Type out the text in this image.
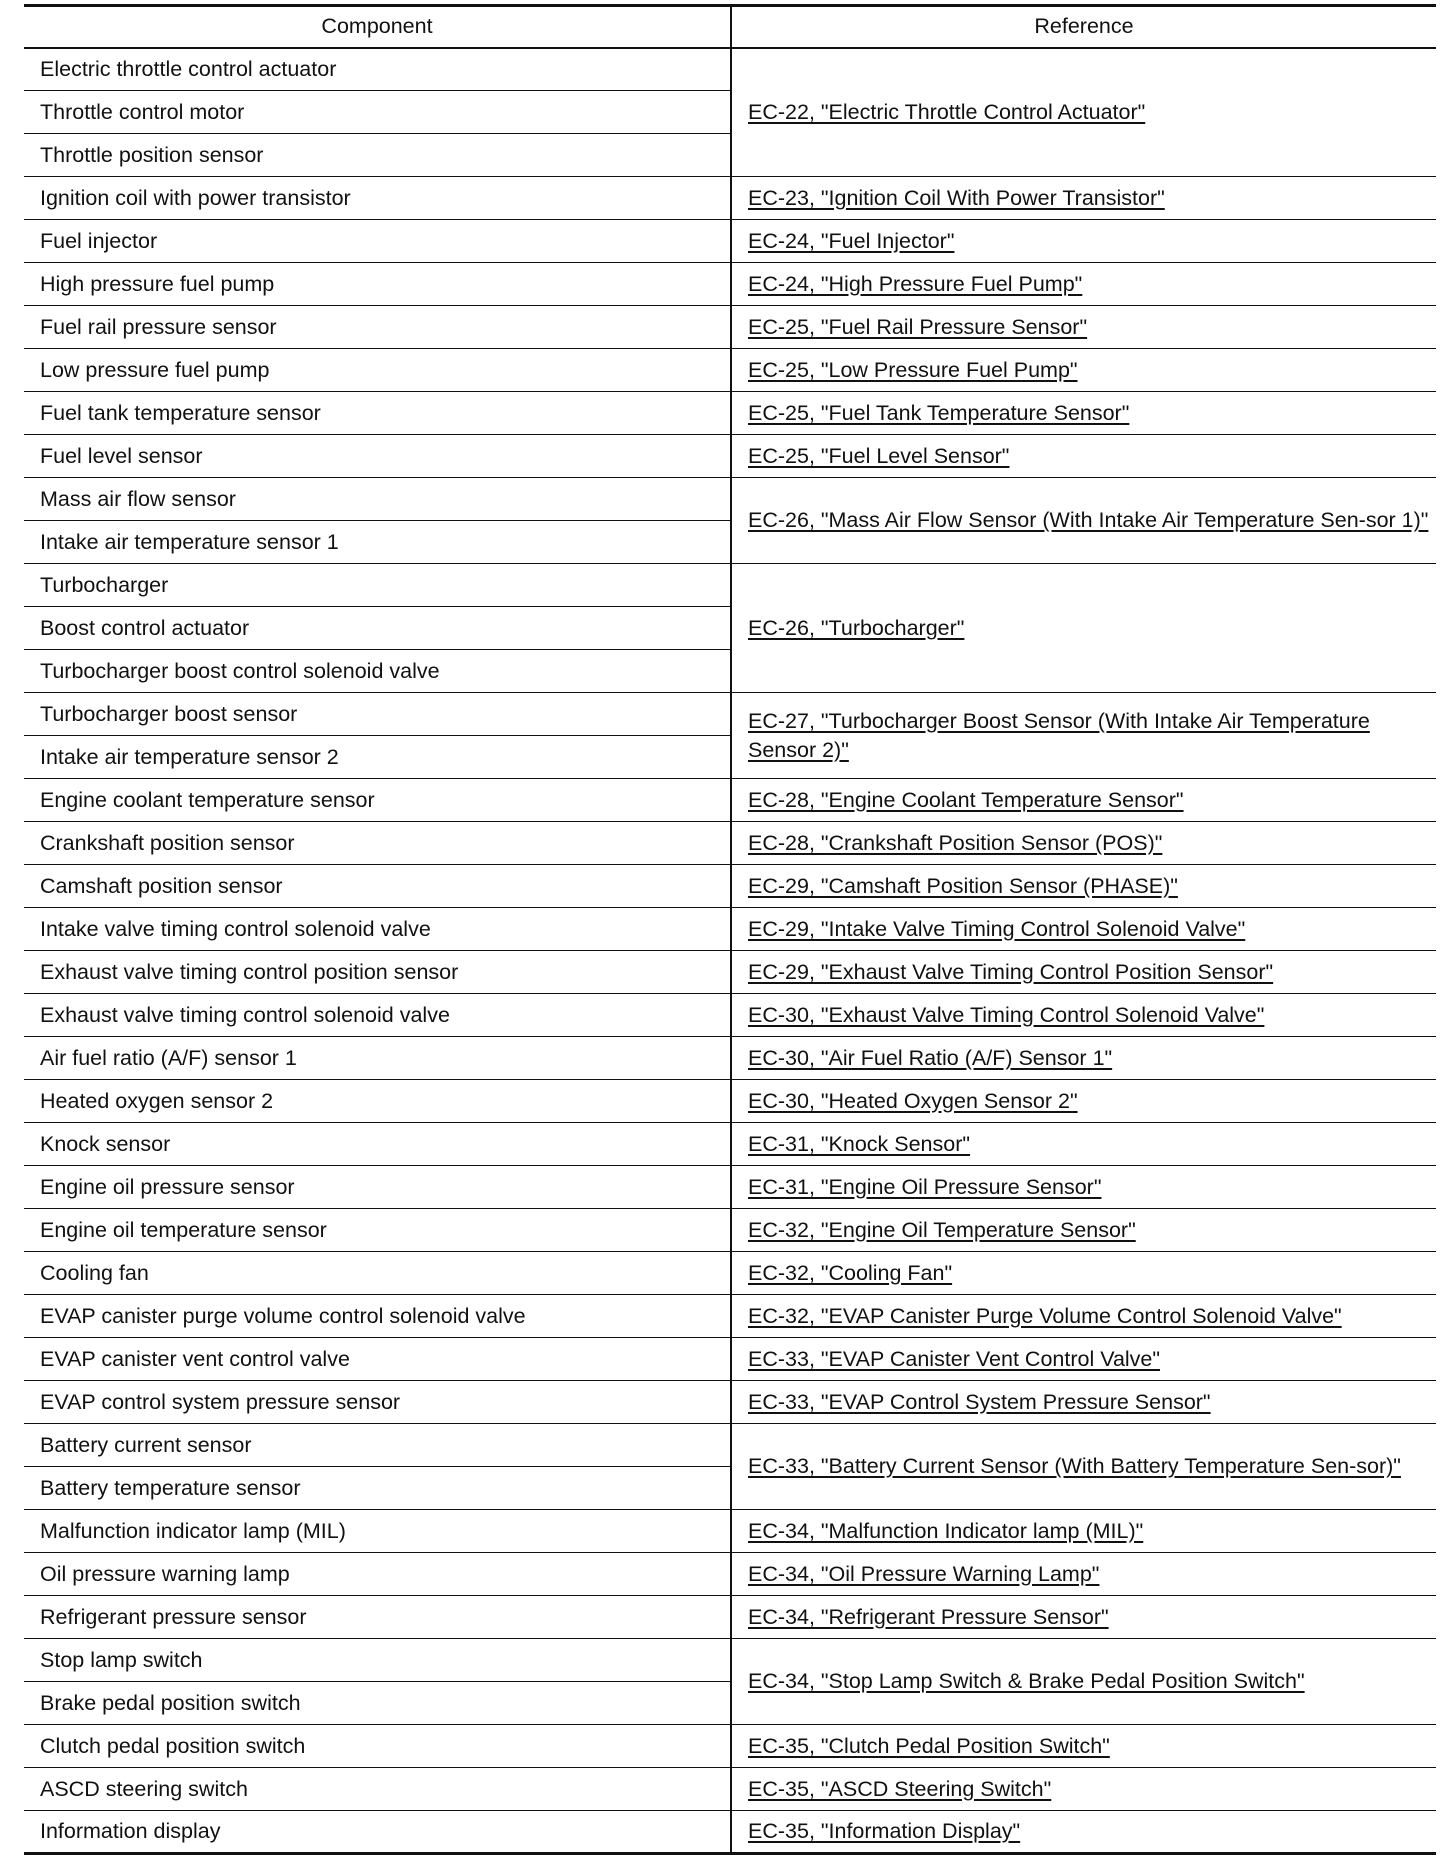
Component	Reference
Electric throttle control actuator	EC-22, "Electric Throttle Control Actuator"
Throttle control motor	
Throttle position sensor	
Ignition coil with power transistor	EC-23, "Ignition Coil With Power Transistor"
Fuel injector	EC-24, "Fuel Injector"
High pressure fuel pump	EC-24, "High Pressure Fuel Pump"
Fuel rail pressure sensor	EC-25, "Fuel Rail Pressure Sensor"
Low pressure fuel pump	EC-25, "Low Pressure Fuel Pump"
Fuel tank temperature sensor	EC-25, "Fuel Tank Temperature Sensor"
Fuel level sensor	EC-25, "Fuel Level Sensor"
Mass air flow sensor	EC-26, "Mass Air Flow Sensor (With Intake Air Temperature Sen-sor 1)"
Intake air temperature sensor 1	
Turbocharger	EC-26, "Turbocharger"
Boost control actuator	
Turbocharger boost control solenoid valve	
Turbocharger boost sensor	EC-27, "Turbocharger Boost Sensor (With Intake Air Temperature Sensor 2)"
Intake air temperature sensor 2	
Engine coolant temperature sensor	EC-28, "Engine Coolant Temperature Sensor"
Crankshaft position sensor	EC-28, "Crankshaft Position Sensor (POS)"
Camshaft position sensor	EC-29, "Camshaft Position Sensor (PHASE)"
Intake valve timing control solenoid valve	EC-29, "Intake Valve Timing Control Solenoid Valve"
Exhaust valve timing control position sensor	EC-29, "Exhaust Valve Timing Control Position Sensor"
Exhaust valve timing control solenoid valve	EC-30, "Exhaust Valve Timing Control Solenoid Valve"
Air fuel ratio (A/F) sensor 1	EC-30, "Air Fuel Ratio (A/F) Sensor 1"
Heated oxygen sensor 2	EC-30, "Heated Oxygen Sensor 2"
Knock sensor	EC-31, "Knock Sensor"
Engine oil pressure sensor	EC-31, "Engine Oil Pressure Sensor"
Engine oil temperature sensor	EC-32, "Engine Oil Temperature Sensor"
Cooling fan	EC-32, "Cooling Fan"
EVAP canister purge volume control solenoid valve	EC-32, "EVAP Canister Purge Volume Control Solenoid Valve"
EVAP canister vent control valve	EC-33, "EVAP Canister Vent Control Valve"
EVAP control system pressure sensor	EC-33, "EVAP Control System Pressure Sensor"
Battery current sensor	EC-33, "Battery Current Sensor (With Battery Temperature Sen-sor)"
Battery temperature sensor	
Malfunction indicator lamp (MIL)	EC-34, "Malfunction Indicator lamp (MIL)"
Oil pressure warning lamp	EC-34, "Oil Pressure Warning Lamp"
Refrigerant pressure sensor	EC-34, "Refrigerant Pressure Sensor"
Stop lamp switch	EC-34, "Stop Lamp Switch & Brake Pedal Position Switch"
Brake pedal position switch	
Clutch pedal position switch	EC-35, "Clutch Pedal Position Switch"
ASCD steering switch	EC-35, "ASCD Steering Switch"
Information display	EC-35, "Information Display"
